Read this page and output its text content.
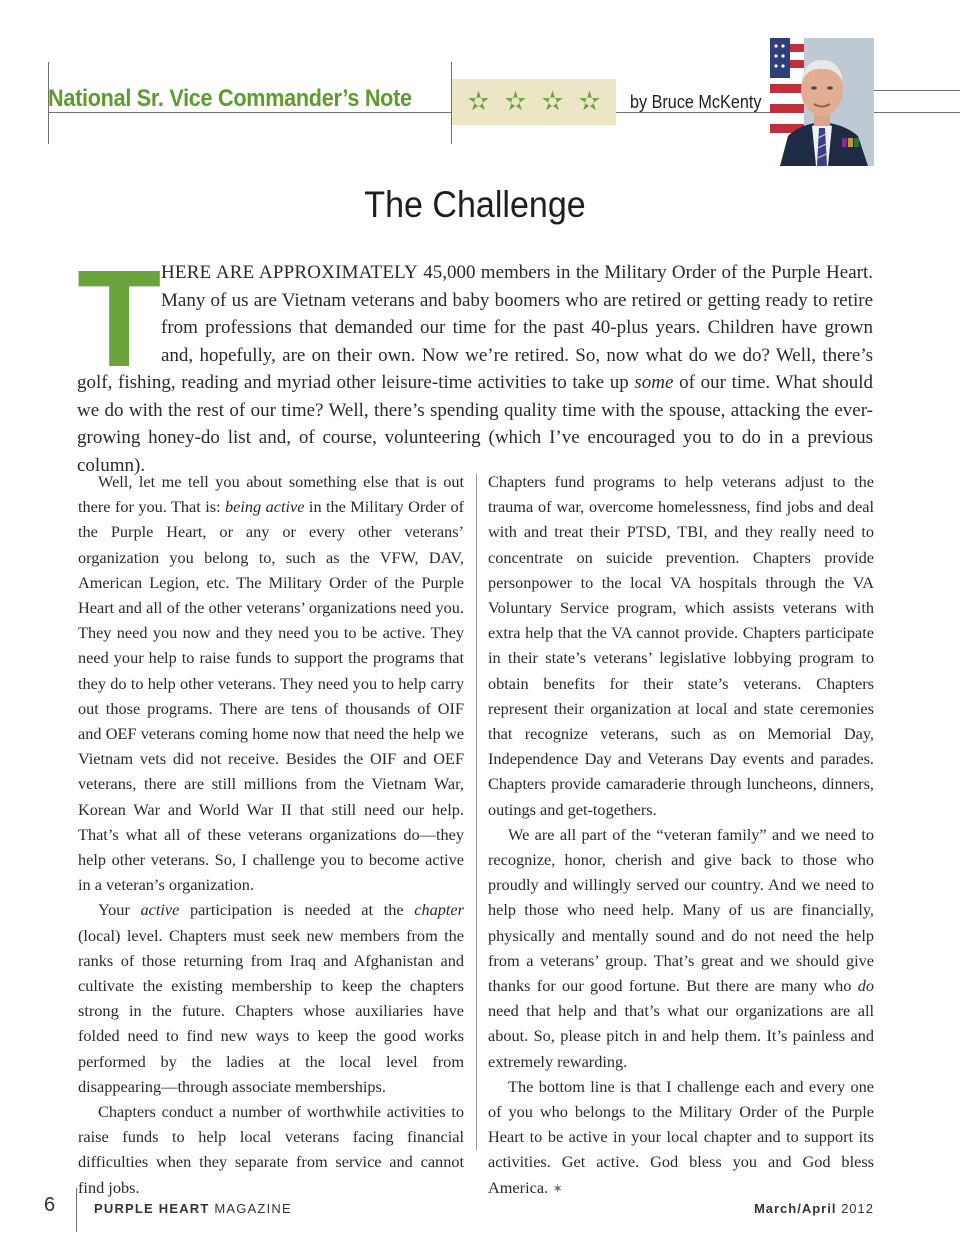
National Sr. Vice Commander’s Note ✫ ✫ ✫ ✫ by Bruce McKenty
The Challenge
T HERE ARE APPROXIMATELY 45,000 members in the Military Order of the Purple Heart. Many of us are Vietnam veterans and baby boomers who are retired or getting ready to retire from professions that demanded our time for the past 40-plus years. Children have grown and, hopefully, are on their own. Now we’re retired. So, now what do we do? Well, there’s golf, fishing, reading and myriad other leisure-time activities to take up some of our time. What should we do with the rest of our time? Well, there’s spending quality time with the spouse, attacking the ever-growing honey-do list and, of course, volunteering (which I’ve encouraged you to do in a previous column).

Well, let me tell you about something else that is out there for you. That is: being active in the Military Order of the Purple Heart, or any or every other veterans’ organization you belong to, such as the VFW, DAV, American Legion, etc. The Military Order of the Purple Heart and all of the other veterans’ organizations need you. They need you now and they need you to be active. They need your help to raise funds to support the programs that they do to help other veterans. They need you to help carry out those programs. There are tens of thousands of OIF and OEF veterans coming home now that need the help we Vietnam vets did not receive. Besides the OIF and OEF veterans, there are still millions from the Vietnam War, Korean War and World War II that still need our help. That’s what all of these veterans organizations do—they help other veterans. So, I challenge you to become active in a veteran’s organization.

Your active participation is needed at the chapter (local) level. Chapters must seek new members from the ranks of those returning from Iraq and Afghanistan and cultivate the existing membership to keep the chapters strong in the future. Chapters whose auxiliaries have folded need to find new ways to keep the good works performed by the ladies at the local level from disappearing—through associate memberships.

Chapters conduct a number of worthwhile activities to raise funds to help local veterans facing financial difficulties when they separate from service and cannot find jobs.

Chapters fund programs to help veterans adjust to the trauma of war, overcome homelessness, find jobs and deal with and treat their PTSD, TBI, and they really need to concentrate on suicide prevention. Chapters provide personpower to the local VA hospitals through the VA Voluntary Service program, which assists veterans with extra help that the VA cannot provide. Chapters participate in their state’s veterans’ legislative lobbying program to obtain benefits for their state’s veterans. Chapters represent their organization at local and state ceremonies that recognize veterans, such as on Memorial Day, Independence Day and Veterans Day events and parades. Chapters provide camaraderie through luncheons, dinners, outings and get-togethers.

We are all part of the “veteran family” and we need to recognize, honor, cherish and give back to those who proudly and willingly served our country. And we need to help those who need help. Many of us are financially, physically and mentally sound and do not need the help from a veterans’ group. That’s great and we should give thanks for our good fortune. But there are many who do need that help and that’s what our organizations are all about. So, please pitch in and help them. It’s painless and extremely rewarding.

The bottom line is that I challenge each and every one of you who belongs to the Military Order of the Purple Heart to be active in your local chapter and to support its activities. Get active. God bless you and God bless America. ✶

6	PURPLE HEART MAGAZINE	March/April 2012
